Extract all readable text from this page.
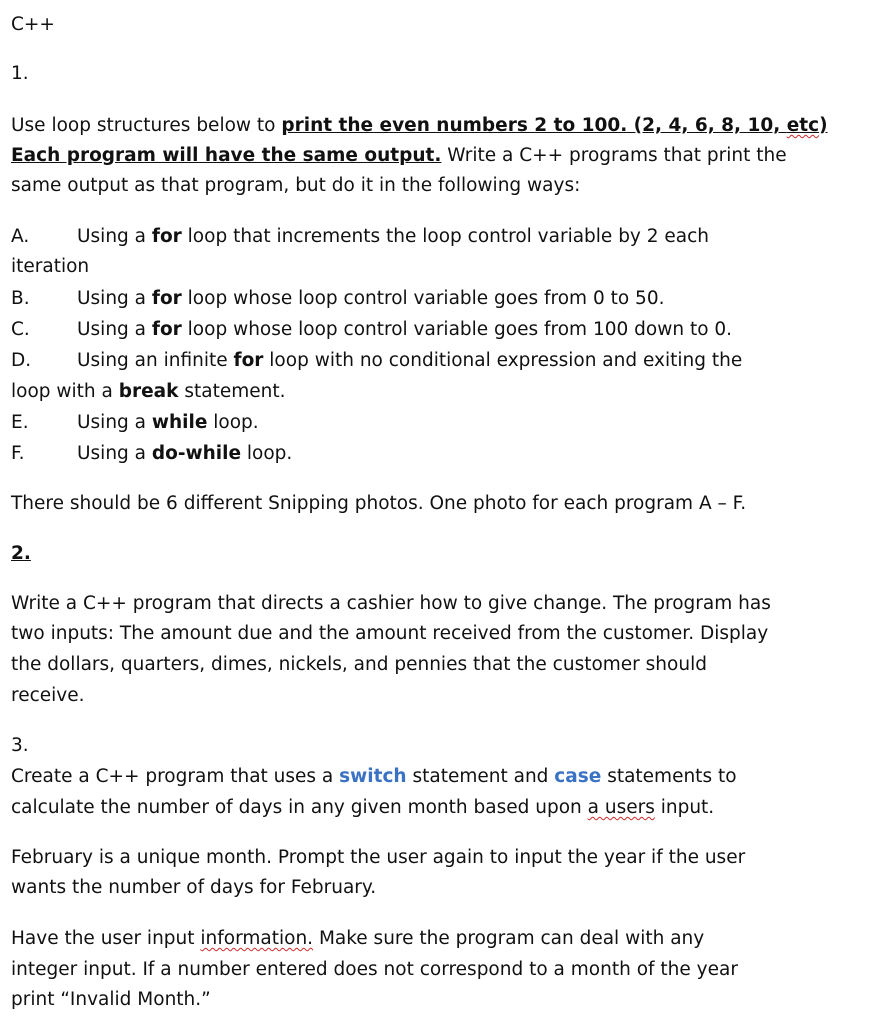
C++
1.
Use loop structures below to print the even numbers 2 to 100. (2, 4, 6, 8, 10, etc)
Each program will have the same output. Write a C++ programs that print the
same output as that program, but do it in the following ways:
A.	Using a for loop that increments the loop control variable by 2 each
iteration
B.	Using a for loop whose loop control variable goes from 0 to 50.
C.	Using a for loop whose loop control variable goes from 100 down to 0.
D. Using an infinite for loop with no conditional expression and exiting the
loop with a break statement.
E.	Using a while loop.
F.	Using a do-while loop.
There should be 6 different Snipping photos. One photo for each program A – F.
2.
Write a C++ program that directs a cashier how to give change. The program has
two inputs: The amount due and the amount received from the customer. Display
the dollars, quarters, dimes, nickels, and pennies that the customer should
receive.
3.
Create a C++ program that uses a switch statement and case statements to
calculate the number of days in any given month based upon a users input.
February is a unique month. Prompt the user again to input the year if the user
wants the number of days for February.
Have the user input information. Make sure the program can deal with any
integer input. If a number entered does not correspond to a month of the year
print “Invalid Month.”
